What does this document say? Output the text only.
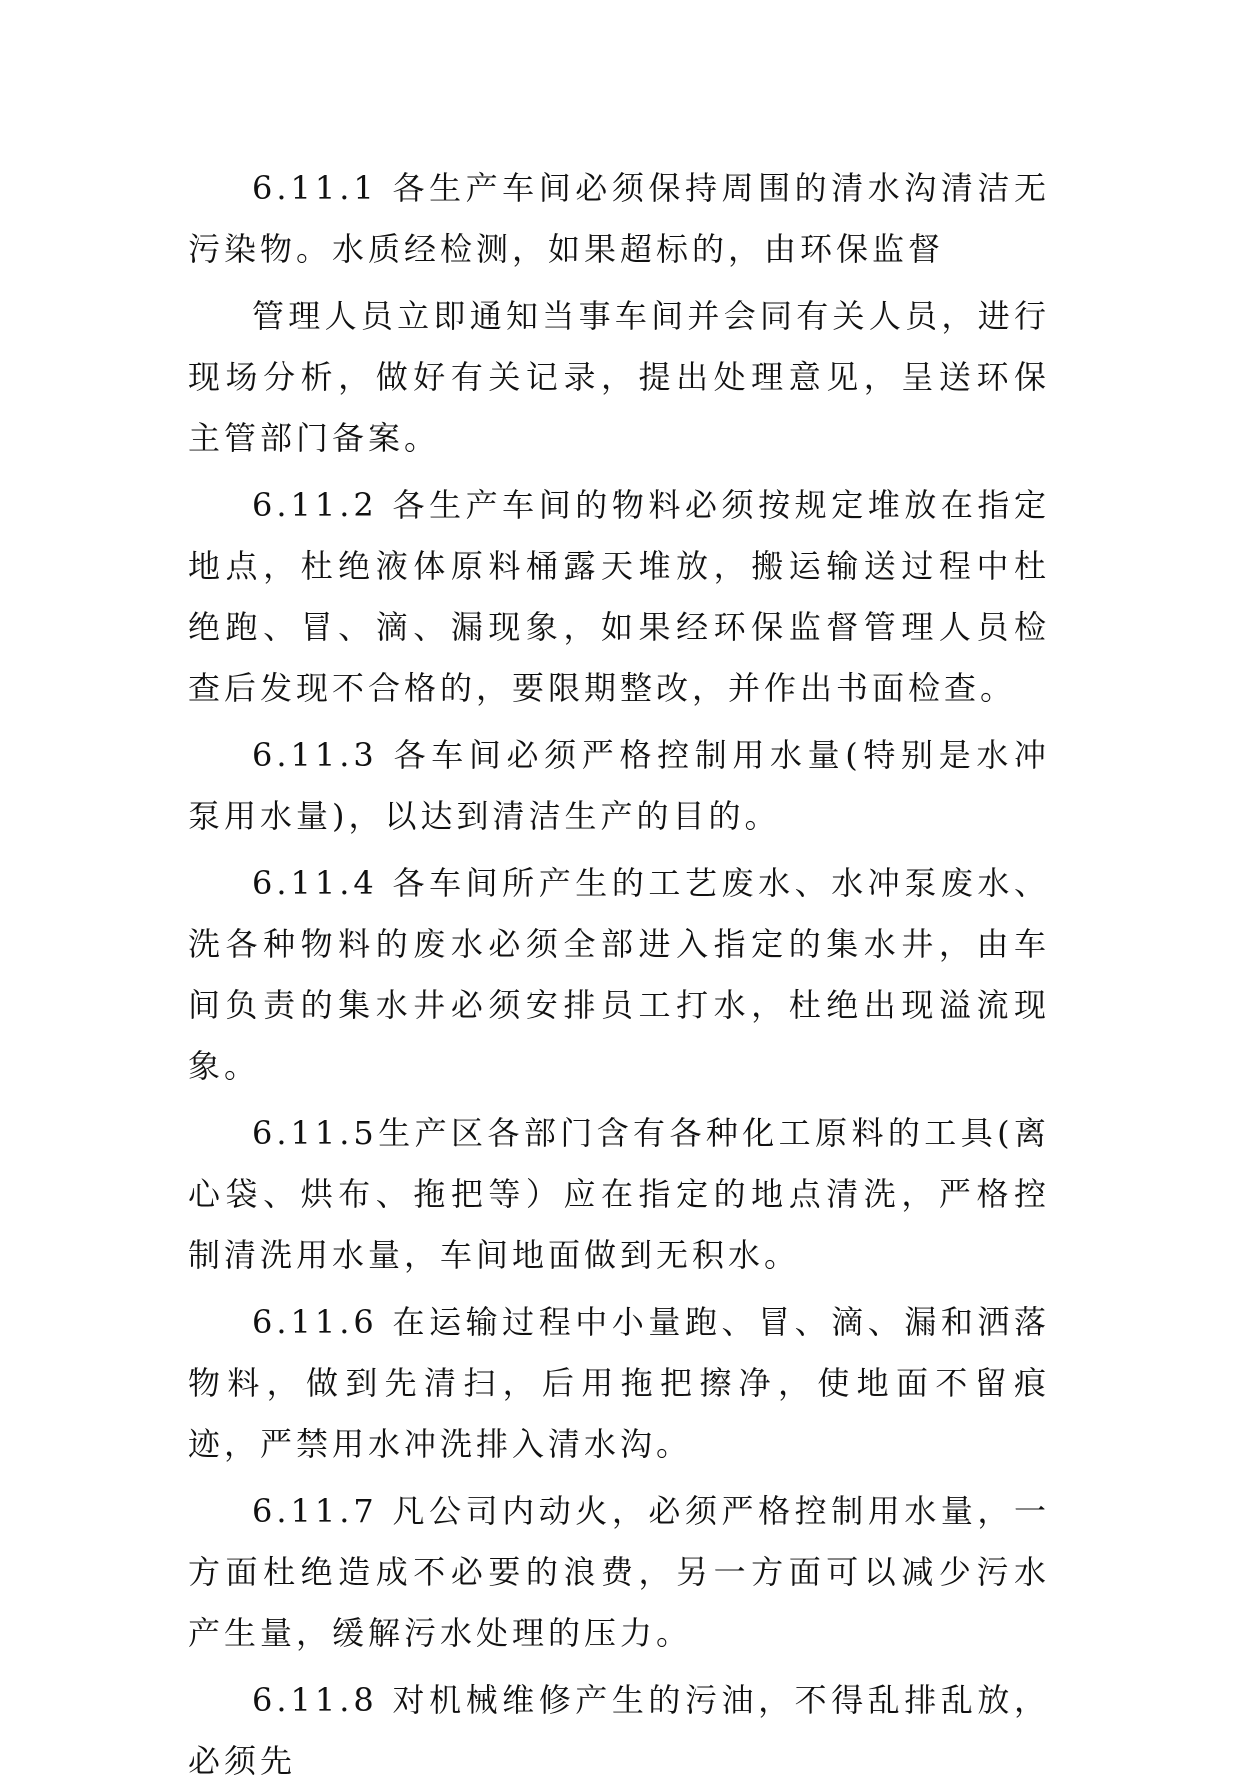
6.11.1 各生产车间必须保持周围的清水沟清洁无污染物。水质经检测，如果超标的，由环保监督

管理人员立即通知当事车间并会同有关人员，进行现场分析，做好有关记录，提出处理意见，呈送环保主管部门备案。

6.11.2 各生产车间的物料必须按规定堆放在指定地点，杜绝液体原料桶露天堆放，搬运输送过程中杜绝跑、冒、滴、漏现象，如果经环保监督管理人员检查后发现不合格的，要限期整改，并作出书面检查。

6.11.3 各车间必须严格控制用水量(特别是水冲泵用水量)，以达到清洁生产的目的。

6.11.4 各车间所产生的工艺废水、水冲泵废水、洗各种物料的废水必须全部进入指定的集水井，由车间负责的集水井必须安排员工打水，杜绝出现溢流现象。

6.11.5生产区各部门含有各种化工原料的工具(离心袋、烘布、拖把等）应在指定的地点清洗，严格控制清洗用水量，车间地面做到无积水。

6.11.6 在运输过程中小量跑、冒、滴、漏和洒落物料，做到先清扫，后用拖把擦净，使地面不留痕迹，严禁用水冲洗排入清水沟。

6.11.7 凡公司内动火，必须严格控制用水量，一方面杜绝造成不必要的浪费，另一方面可以减少污水产生量，缓解污水处理的压力。

6.11.8 对机械维修产生的污油，不得乱排乱放，必须先
